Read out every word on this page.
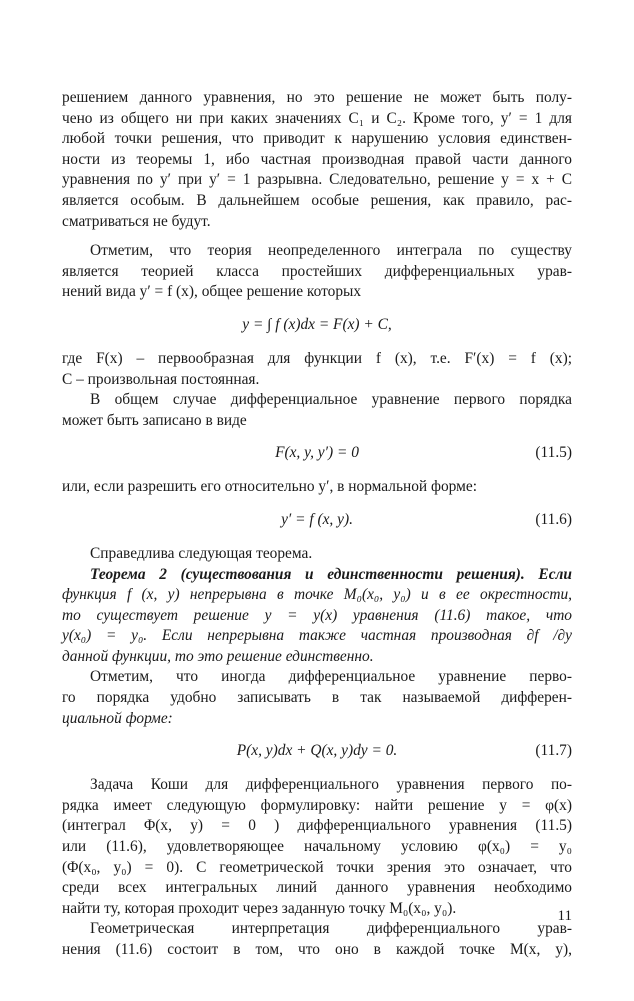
решением данного уравнения, но это решение не может быть полу-
чено из общего ни при каких значениях C₁ и C₂. Кроме того, y′ = 1 для
любой точки решения, что приводит к нарушению условия единствен-
ности из теоремы 1, ибо частная производная правой части данного
уравнения по y′ при y′ = 1 разрывна. Следовательно, решение y = x + C
является особым. В дальнейшем особые решения, как правило, рас-
сматриваться не будут.
Отметим, что теория неопределенного интеграла по существу
является теорией класса простейших дифференциальных урав-
нений вида y′ = f (x), общее решение которых
y = ∫ f (x)dx = F(x) + C,
где F(x) – первообразная для функции f (x), т.е. F′(x) = f (x);
C – произвольная постоянная.
В общем случае дифференциальное уравнение первого порядка
может быть записано в виде
F(x, y, y′) = 0	(11.5)
или, если разрешить его относительно y′, в нормальной форме:
y′ = f (x, y).	(11.6)
Справедлива следующая теорема.
Теорема 2 (существования и единственности решения). Если
функция f (x, y) непрерывна в точке M₀(x₀, y₀) и в ее окрестности,
то существует решение y = y(x) уравнения (11.6) такое, что
y(x₀) = y₀. Если непрерывна также частная производная ∂f /∂y
данной функции, то это решение единственно.
Отметим, что иногда дифференциальное уравнение перво-
го порядка удобно записывать в так называемой дифферен-
циальной форме:
P(x, y)dx + Q(x, y)dy = 0.	(11.7)
Задача Коши для дифференциального уравнения первого по-
рядка имеет следующую формулировку: найти решение y = φ(x)
(интеграл Φ(x, y) = 0 ) дифференциального уравнения (11.5)
или (11.6), удовлетворяющее начальному условию φ(x₀) = y₀
(Φ(x₀, y₀) = 0). С геометрической точки зрения это означает, что
среди всех интегральных линий данного уравнения необходимо
найти ту, которая проходит через заданную точку M₀(x₀, y₀).
Геометрическая интерпретация дифференциального урав-
нения (11.6) состоит в том, что оно в каждой точке M(x, y),
11
